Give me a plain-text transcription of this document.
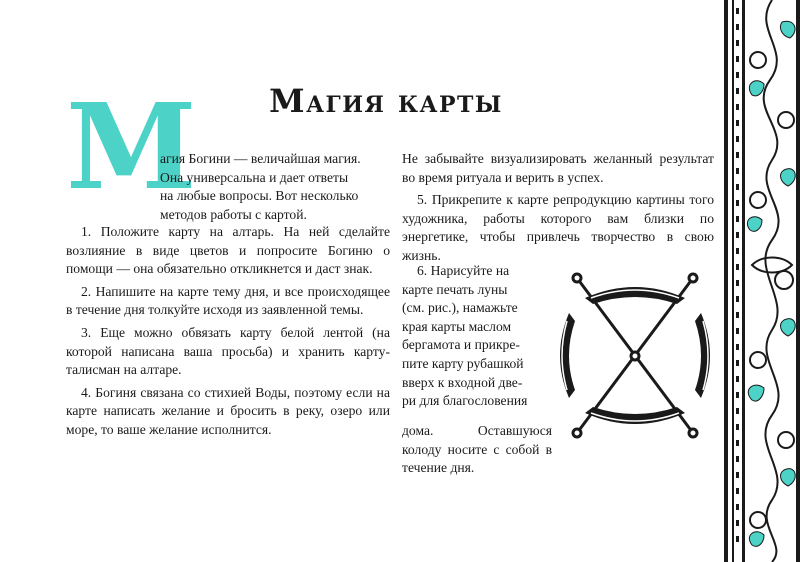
Магия карты
М
агия Богини — величайшая магия.
Она универсальна и дает ответы
на любые вопросы. Вот несколько
методов работы с картой.

1. Положите карту на алтарь. На ней сделайте возлияние в виде цветов и попросите Богиню о помощи — она обязательно откликнется и даст знак.

2. Напишите на карте тему дня, и все происходящее в течение дня толкуйте исходя из заявленной темы.

3. Еще можно обвязать карту белой лентой (на которой написана ваша просьба) и хранить карту-талисман на алтаре.

4. Богиня связана со стихией Воды, поэтому если на карте написать желание и бросить в реку, озеро или море, то ваше желание исполнится.

Не забывайте визуализировать желанный результат во время ритуала и верить в успех.

5. Прикрепите к карте репродукцию картины того художника, работы которого вам близки по энергетике, чтобы привлечь творчество в свою жизнь.

6. Нарисуйте на
карте печать луны
(см. рис.), намажьте
края карты маслом
бергамота и прикре-
пите карту рубашкой
вверх к входной две-
ри для благословения
дома. Оставшуюся колоду носите с собой в течение дня.
